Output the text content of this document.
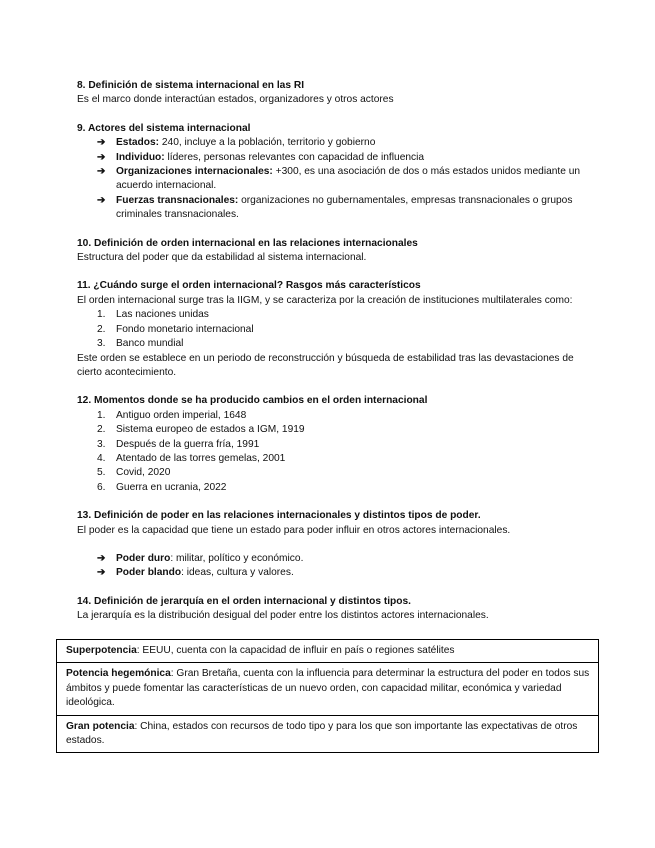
8. Definición de sistema internacional en las RI
Es el marco donde interactúan estados, organizadores y otros actores
9. Actores del sistema internacional
➔ Estados: 240, incluye a la población, territorio y gobierno
➔ Individuo: líderes, personas relevantes con capacidad de influencia
➔ Organizaciones internacionales: +300, es una asociación de dos o más estados unidos mediante un acuerdo internacional.
➔ Fuerzas transnacionales: organizaciones no gubernamentales, empresas transnacionales o grupos criminales transnacionales.
10. Definición de orden internacional en las relaciones internacionales
Estructura del poder que da estabilidad al sistema internacional.
11. ¿Cuándo surge el orden internacional? Rasgos más característicos
El orden internacional surge tras la IIGM, y se caracteriza por la creación de instituciones multilaterales como:
1. Las naciones unidas
2. Fondo monetario internacional
3. Banco mundial
Este orden se establece en un periodo de reconstrucción y búsqueda de estabilidad tras las devastaciones de cierto acontecimiento.
12. Momentos donde se ha producido cambios en el orden internacional
1. Antiguo orden imperial, 1648
2. Sistema europeo de estados a IGM, 1919
3. Después de la guerra fría, 1991
4. Atentado de las torres gemelas, 2001
5. Covid, 2020
6. Guerra en ucrania, 2022
13. Definición de poder en las relaciones internacionales y distintos tipos de poder.
El poder es la capacidad que tiene un estado para poder influir en otros actores internacionales.
➔ Poder duro: militar, político y económico.
➔ Poder blando: ideas, cultura y valores.
14. Definición de jerarquía en el orden internacional y distintos tipos.
La jerarquía es la distribución desigual del poder entre los distintos actores internacionales.
Superpotencia: EEUU, cuenta con la capacidad de influir en país o regiones satélites
Potencia hegemónica: Gran Bretaña, cuenta con la influencia para determinar la estructura del poder en todos sus ámbitos y puede fomentar las características de un nuevo orden, con capacidad militar, económica y variedad ideológica.
Gran potencia: China, estados con recursos de todo tipo y para los que son importante las expectativas de otros estados.
